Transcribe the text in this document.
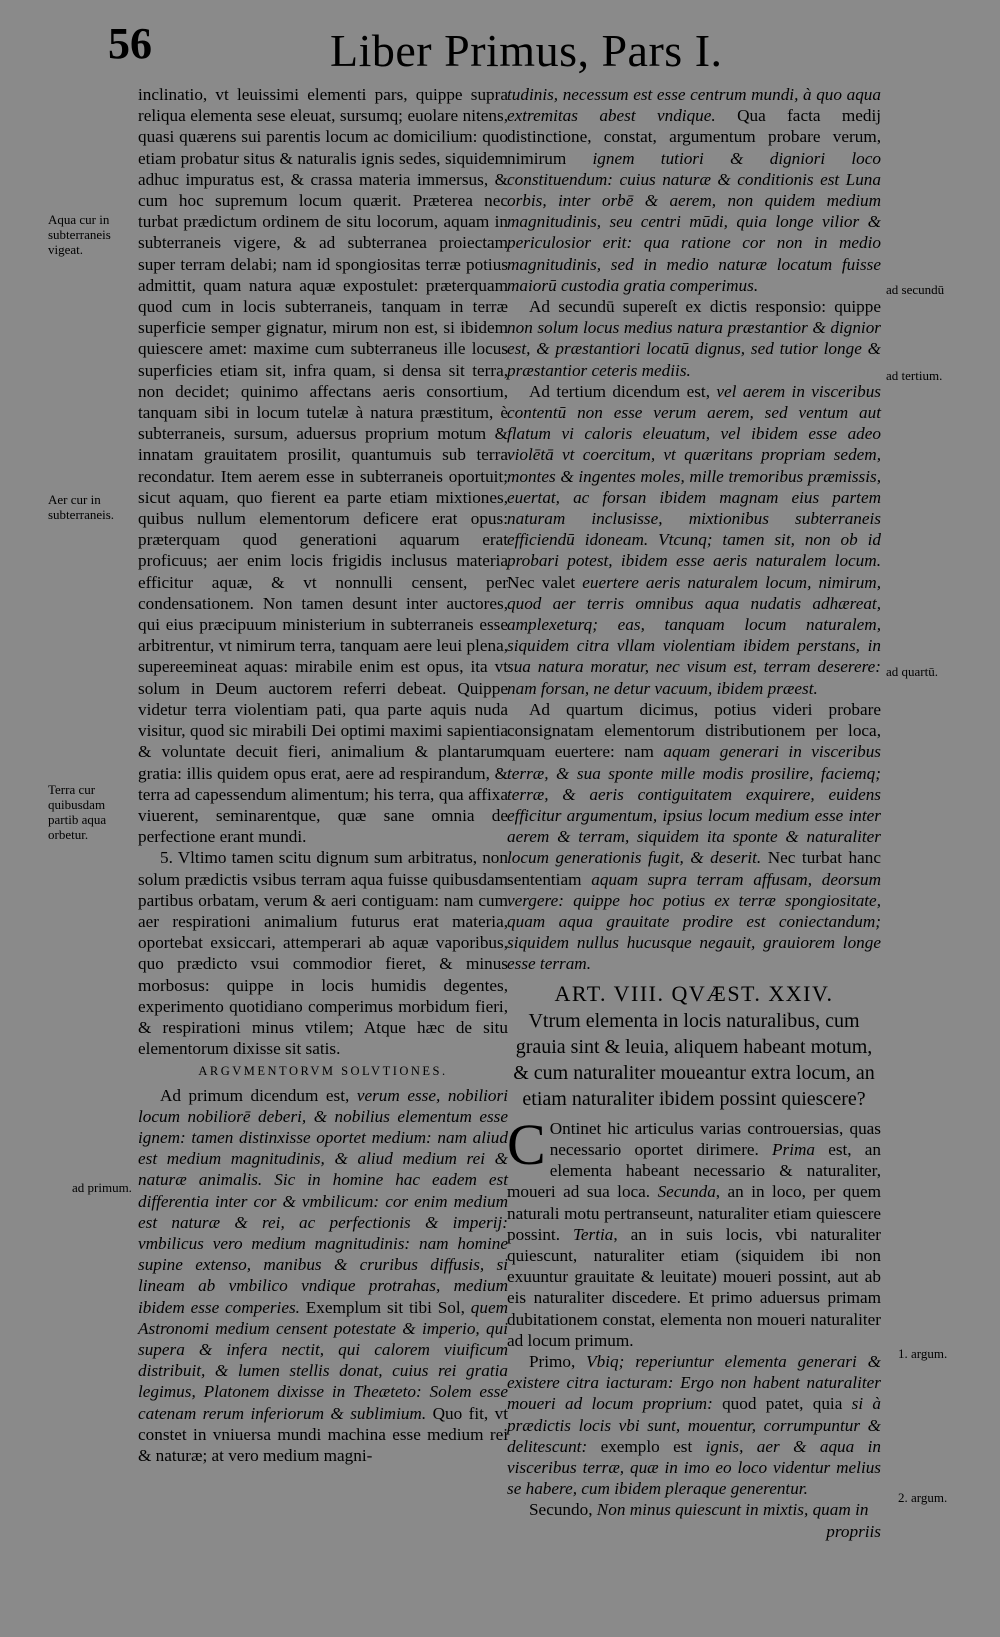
56	Liber Primus, Pars I.
Aqua cur in subterraneis vigeat.
Aer cur in subterraneis.
Terra cur quibusdam partib aqua orbetur.
ad primum.
ad secundū
ad tertium.
ad quartū.
1. argum.
2. argum.

inclinatio, vt leuissimi elementi pars, quippe supra reliqua elementa sese eleuat, sursumq; euolare nitens, quasi quærens sui parentis locum ac domicilium: quo etiam probatur situs & naturalis ignis sedes, siquidem adhuc impuratus est, & crassa materia immersus, & cum hoc supremum locum quærit. Præterea nec turbat prædictum ordinem de situ locorum, aquam in subterraneis vigere, & ad subterranea proiectam super terram delabi; nam id spongiositas terræ potius admittit, quam natura aquæ expostulet: præterquam quod cum in locis subterraneis, tanquam in terræ superficie semper gignatur, mirum non est, si ibidem quiescere amet: maxime cum subterraneus ille locus superficies etiam sit, infra quam, si densa sit terra, non decidet; quinimo affectans aeris consortium, tanquam sibi in locum tutelæ à natura præstitum, è subterraneis, sursum, aduersus proprium motum & innatam grauitatem prosilit, quantumuis sub terra recondatur. Item aerem esse in subterraneis oportuit; sicut aquam, quo fierent ea parte etiam mixtiones, quibus nullum elementorum deficere erat opus: præterquam quod generationi aquarum erat proficuus; aer enim locis frigidis inclusus materia efficitur aquæ, & vt nonnulli censent, per condensationem. Non tamen desunt inter auctores, qui eius præcipuum ministerium in subterraneis esse arbitrentur, vt nimirum terra, tanquam aere leui plena, supereemineat aquas: mirabile enim est opus, ita vt solum in Deum auctorem referri debeat. Quippe videtur terra violentiam pati, qua parte aquis nuda visitur, quod sic mirabili Dei optimi maximi sapientia & voluntate decuit fieri, animalium & plantarum gratia: illis quidem opus erat, aere ad respirandum, & terra ad capessendum alimentum; his terra, qua affixa viuerent, seminarentque, quæ sane omnia de perfectione erant mundi.

5. Vltimo tamen scitu dignum sum arbitratus, non solum prædictis vsibus terram aqua fuisse quibusdam partibus orbatam, verum & aeri contiguam: nam cum aer respirationi animalium futurus erat materia, oportebat exsiccari, attemperari ab aquæ vaporibus, quo prædicto vsui commodior fieret, & minus morbosus: quippe in locis humidis degentes, experimento quotidiano comperimus morbidum fieri, & respirationi minus vtilem; Atque hæc de situ elementorum dixisse sit satis.

ARGVMENTORVM SOLVTIONES.

Ad primum dicendum est, verum esse, nobiliori locum nobiliorē deberi, & nobilius elementum esse ignem: tamen distinxisse oportet medium: nam aliud est medium magnitudinis, & aliud medium rei & naturæ animalis. Sic in homine hac eadem est differentia inter cor & vmbilicum: cor enim medium est naturæ & rei, ac perfectionis & imperij: vmbilicus vero medium magnitudinis: nam homine supine extenso, manibus & cruribus diffusis, si lineam ab vmbilico vndique protrahas, medium ibidem esse comperies. Exemplum sit tibi Sol, quem Astronomi medium censent potestate & imperio, qui supera & infera nectit, qui calorem viuificum distribuit, & lumen stellis donat, cuius rei gratia legimus, Platonem dixisse in Theæteto: Solem esse catenam rerum inferiorum & sublimium. Quo fit, vt constet in vniuersa mundi machina esse medium rei & naturæ; at vero medium magni-

tudinis, necessum est esse centrum mundi, à quo aqua extremitas abest vndique. Qua facta medij distinctione, constat, argumentum probare verum, nimirum ignem tutiori & digniori loco constituendum: cuius naturæ & conditionis est Luna orbis, inter orbē & aerem, non quidem medium magnitudinis, seu centri mūdi, quia longe vilior & periculosior erit: qua ratione cor non in medio magnitudinis, sed in medio naturæ locatum fuisse maiorū custodia gratia comperimus.

Ad secundū supereſt ex dictis responsio: quippe non solum locus medius natura præstantior & dignior est, & præstantiori locatū dignus, sed tutior longe & præstantior ceteris mediis.

Ad tertium dicendum est, vel aerem in visceribus contentū non esse verum aerem, sed ventum aut flatum vi caloris eleuatum, vel ibidem esse adeo violētā vt coercitum, vt quæritans propriam sedem, montes & ingentes moles, mille tremoribus præmissis, euertat, ac forsan ibidem magnam eius partem naturam inclusisse, mixtionibus subterraneis efficiendū idoneam. Vtcunq; tamen sit, non ob id probari potest, ibidem esse aeris naturalem locum. Nec valet euertere aeris naturalem locum, nimirum, quod aer terris omnibus aqua nudatis adhæreat, amplexeturq; eas, tanquam locum naturalem, siquidem citra vllam violentiam ibidem perstans, in sua natura moratur, nec visum est, terram deserere: nam forsan, ne detur vacuum, ibidem præest.

Ad quartum dicimus, potius videri probare consignatam elementorum distributionem per loca, quam euertere: nam aquam generari in visceribus terræ, & sua sponte mille modis prosilire, faciemq; terræ, & aeris contiguitatem exquirere, euidens efficitur argumentum, ipsius locum medium esse inter aerem & terram, siquidem ita sponte & naturaliter locum generationis fugit, & deserit. Nec turbat hanc sententiam aquam supra terram affusam, deorsum vergere: quippe hoc potius ex terræ spongiositate, quam aqua grauitate prodire est coniectandum; siquidem nullus hucusque negauit, grauiorem longe esse terram.

ART. VIII. QVÆST. XXIV.

Vtrum elementa in locis naturalibus, cum grauia sint & leuia, aliquem habeant motum, & cum naturaliter moueantur extra locum, an etiam naturaliter ibidem possint quiescere?

C Ontinet hic articulus varias controuersias, quas necessario oportet dirimere. Prima est, an elementa habeant necessario & naturaliter, moueri ad sua loca. Secunda, an in loco, per quem naturali motu pertranseunt, naturaliter etiam quiescere possint. Tertia, an in suis locis, vbi naturaliter quiescunt, naturaliter etiam (siquidem ibi non exuuntur grauitate & leuitate) moueri possint, aut ab eis naturaliter discedere. Et primo aduersus primam dubitationem constat, elementa non moueri naturaliter ad locum primum.

Primo, Vbiq; reperiuntur elementa generari & existere citra iacturam: Ergo non habent naturaliter moueri ad locum proprium: quod patet, quia si à prædictis locis vbi sunt, mouentur, corrumpuntur & delitescunt: exemplo est ignis, aer & aqua in visceribus terræ, quæ in imo eo loco videntur melius se habere, cum ibidem pleraque generentur.

Secundo, Non minus quiescunt in mixtis, quam in

propriis
